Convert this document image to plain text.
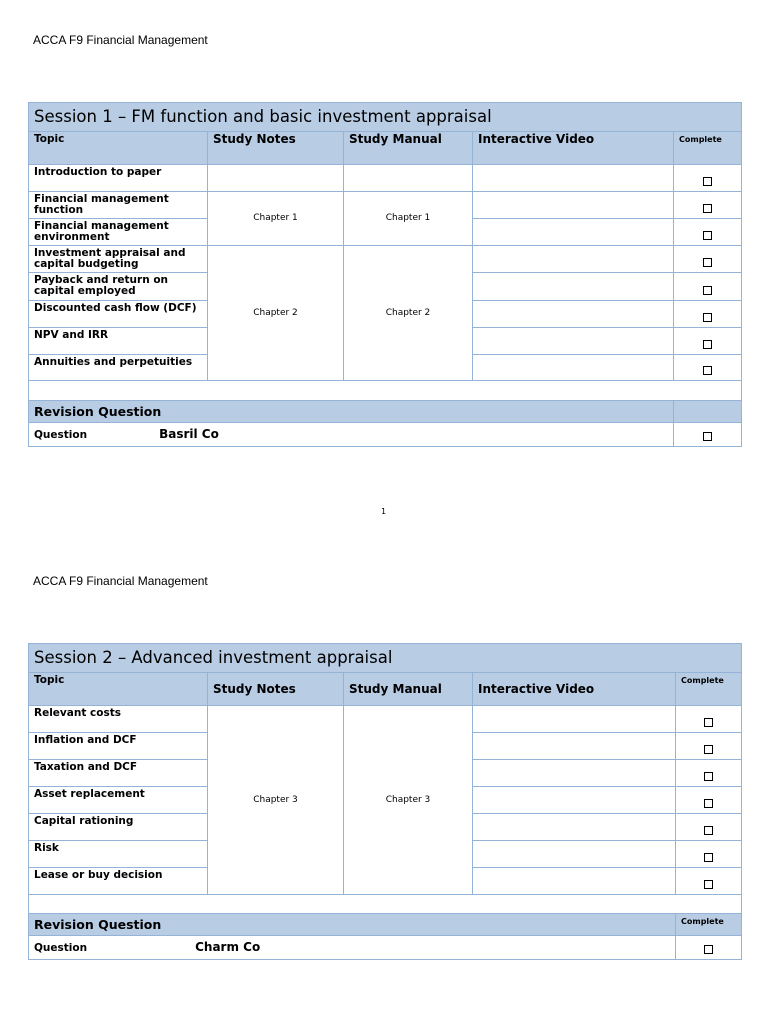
ACCA F9 Financial Management
Session 1 – FM function and basic investment appraisal				
Topic	Study Notes	Study Manual	Interactive Video	Complete
Introduction to paper				
Financial management function	Chapter 1	Chapter 1		
Financial management environment				
Investment appraisal and capital budgeting	Chapter 2	Chapter 2		
Payback and return on capital employed				
Discounted cash flow (DCF)				
NPV and IRR				
Annuities and perpetuities				

Revision Question				
Question Basril Co				
1
ACCA F9 Financial Management
Session 2 – Advanced investment appraisal				
Topic	Study Notes	Study Manual	Interactive Video	Complete
Relevant costs	Chapter 3	Chapter 3		
Inflation and DCF				
Taxation and DCF				
Asset replacement				
Capital rationing				
Risk				
Lease or buy decision				

Revision Question				Complete
Question Charm Co				
